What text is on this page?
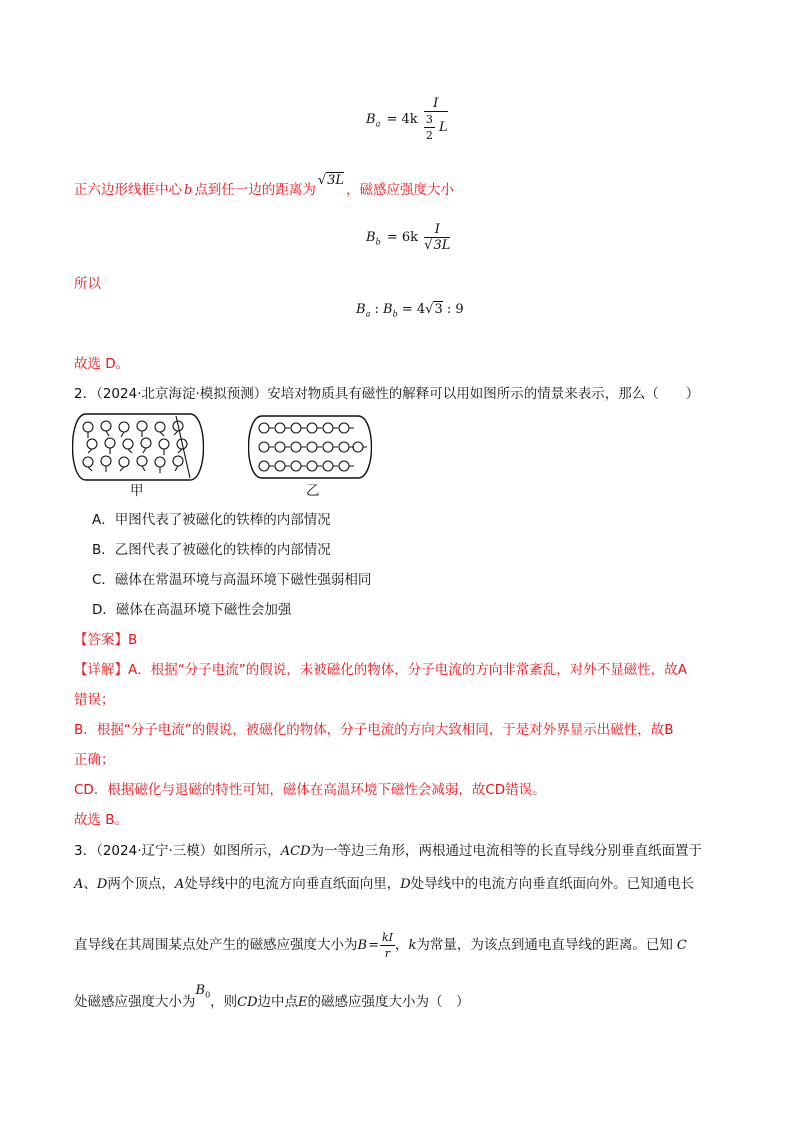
$B_a = 4k \frac{I}{\frac{3}{2} L}$
正六边形线框中心 b 点到任一边的距离为√3L，磁感应强度大小
$B_b = 6k \frac{I}{√3L}$
所以
$B_a$ : $B_b = 4√3$ : 9
故选 D。
2．（2024·北京海淀·模拟预测）安培对物质具有磁性的解释可以用如图所示的情景来表示，那么（　　）
甲	乙
A．甲图代表了被磁化的铁棒的内部情况
B．乙图代表了被磁化的铁棒的内部情况
C．磁体在常温环境与高温环境下磁性强弱相同
D．磁体在高温环境下磁性会加强
【答案】B
【详解】A．根据“分子电流”的假说，未被磁化的物体，分子电流的方向非常紊乱，对外不显磁性，故A
错误；
B．根据“分子电流”的假说，被磁化的物体，分子电流的方向大致相同，于是对外界显示出磁性，故B
正确；
CD．根据磁化与退磁的特性可知，磁体在高温环境下磁性会减弱，故CD错误。
故选 B。
3．（2024·辽宁·三模）如图所示，ACD为一等边三角形，两根通过电流相等的长直导线分别垂直纸面置于
A、D两个顶点，A处导线中的电流方向垂直纸面向里，D处导线中的电流方向垂直纸面向外。已知通电长
直导线在其周围某点处产生的磁感应强度大小为$B= \frac{kI}{r}$ ，k为常量，为该点到通电直导线的距离。已知 C
处磁感应强度大小为$B_0$，则CD边中点E的磁感应强度大小为（　）
